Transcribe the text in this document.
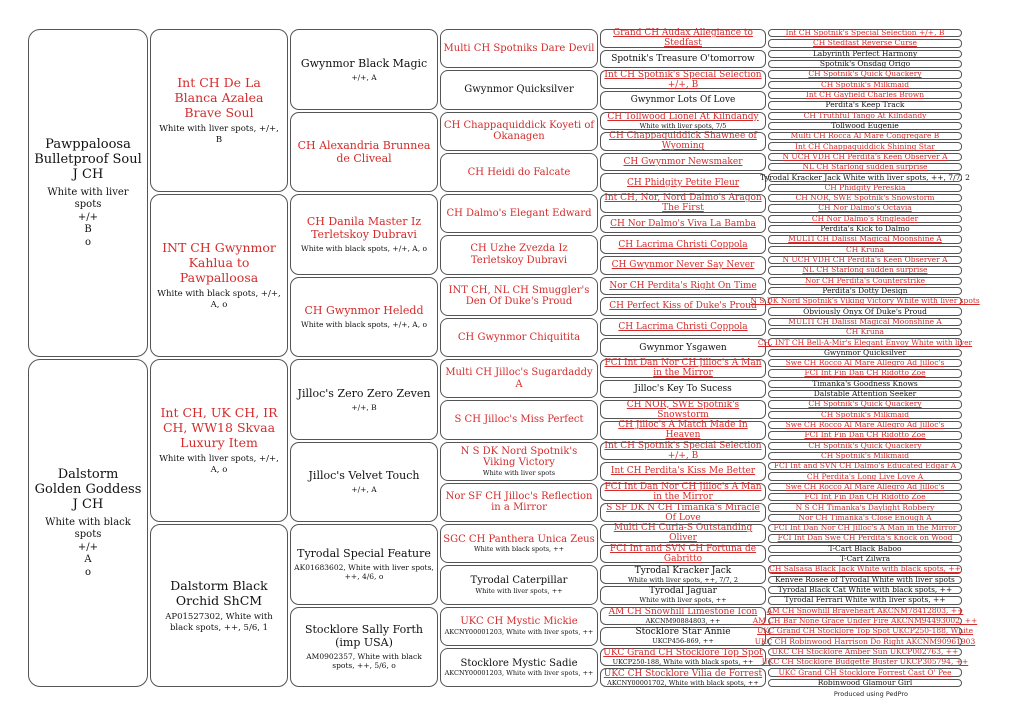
Pawppaloosa Bulletproof Soul J CH
White with liver spots
+/+
B
o
Dalstorm Golden Goddess J CH
White with black spots
+/+
A
o
Int CH De La Blanca Azalea Brave Soul
White with liver spots, +/+, B
INT CH Gwynmor Kahlua to Pawpalloosa
White with black spots, +/+, A, o
Int CH, UK CH, IR CH, WW18 Skvaa Luxury Item
White with liver spots, +/+, A, o
Dalstorm Black Orchid ShCM
AP01527302, White with black spots, ++, 5/6, 1
Gwynmor Black Magic
+/+, A
CH Alexandria Brunnea de Cliveal
CH Danila Master Iz Terletskoy Dubravi
White with black spots, +/+, A, o
CH Gwynmor Heledd
White with black spots, +/+, A, o
Jilloc's Zero Zero Zeven
+/+, B
Jilloc's Velvet Touch
+/+, A
Tyrodal Special Feature
AK01683602, White with liver spots, ++, 4/6, o
Stocklore Sally Forth (imp USA)
AM0902357, White with black spots, ++, 5/6, o
Multi CH Spotniks Dare Devil
Gwynmor Quicksilver
CH Chappaquiddick Koyeti of Okanagen
CH Heidi do Falcate
CH Dalmo's Elegant Edward
CH Uzhe Zvezda Iz Terletskoy Dubravi
INT CH, NL CH Smuggler's Den Of Duke's Proud
CH Gwynmor Chiquitita
Multi CH Jilloc's Sugardaddy A
S CH Jilloc's Miss Perfect
N S DK Nord Spotnik's Viking Victory
White with liver spots
Nor SF CH Jilloc's Reflection in a Mirror
SGC CH Panthera Unica Zeus
White with black spots, ++
Tyrodal Caterpillar
White with liver spots, ++
UKC CH Mystic Mickie
AKCNY00001203, White with liver spots, ++
Stocklore Mystic Sadie
AKCNY00001203, White with liver spots, ++
Grand CH Audax Allegiance to Stedfast
Spotnik's Treasure O'tomorrow
Int CH Spotnik's Special Selection +/+, B
Gwynmor Lots Of Love
CH Tollwood Lionel At Kilndandy
White with liver spots, 7/5
CH Chappaquiddick Shawnee of Wyoming
CH Gwynmor Newsmaker
CH Phidgity Petite Fleur
Int CH, Nor, Nord Dalmo's Aragon The First
CH Nor Dalmo's Viva La Bamba
CH Lacrima Christi Coppola
CH Gwynmor Never Say Never
Nor CH Perdita's Right On Time
CH Perfect Kiss of Duke's Proud
CH Lacrima Christi Coppola
Gwynmor Ysgawen
FCI Int Dan Nor CH Jilloc's A Man in the Mirror
Jilloc's Key To Sucess
CH NOR, SWE Spotnik's Snowstorm
CH Jilloc's A Match Made In Heaven
Int CH Spotnik's Special Selection +/+, B
Int CH Perdita's Kiss Me Better
FCI Int Dan Nor CH Jilloc's A Man in the Mirror
S SF DK N CH Timanka's Miracle Of Love
Multi CH Curia-S Outstanding Oliver
FCI Int and SVN CH Fortuna de Gabritto
Tyrodal Kracker Jack
White with liver spots, ++, 7/7, 2
Tyrodal Jaguar
White with liver spots, ++
AM CH Snowhill Limestone Icon
AKCNM90884803, ++
Stocklore Star Annie
UKCP456-869, ++
UKC Grand CH Stocklore Top Spot
UKCP250-188, White with black spots, ++
UKC CH Stocklore Vilia de Forrest
AKCNY00001702, White with black spots, ++
Int CH Spotnik's Special Selection +/+, B
CH Stedfast Reverse Curse
Labyrinth Perfect Harmony
Spotnik's Onsdag Origo
CH Spotnik's Quick Quackery
CH Spotnik's Milkmaid
Int CH Gayfield Charles Brown
Perdita's Keep Track
CH Truthful Tango At Kilndandy
Tollwood Eugenie
Multi CH Rocca Al Mare Congregare B
Int CH Chappaquiddick Shining Star
N UCH VDH CH Perdita's Keen Observer A
NL CH Starlong sudden surprise
Tyrodal Kracker Jack White with liver spots, ++, 7/7, 2
CH Phidgity Pereskia
CH NOR, SWE Spotnik's Snowstorm
CH Nor Dalmo's Octavia
CH Nor Dalmo's Ringleader
Perdita's Kick to Dalmo
MULTI CH Dalissi Magical Moonshine A
CH Kruna
N UCH VDH CH Perdita's Keen Observer A
NL CH Starlong sudden surprise
Nor CH Perdita's Counterstrike
Perdita's Dotty Design
N S DK Nord Spotnik's Viking Victory White with liver spots
Obviously Onyx Of Duke's Proud
MULTI CH Dalissi Magical Moonshine A
CH Kruna
CH, INT CH Bell-A-Mir's Elegant Envoy White with liver
Gwynmor Quicksilver
Swe CH Rocco Al Mare Allegro Ad Jilloc's
FCI Int Fin Dan CH Ridotto Zoe
Timanka's Goodness Knows
Dalstable Attention Seeker
CH Spotnik's Quick Quackery
CH Spotnik's Milkmaid
Swe CH Rocco Al Mare Allegro Ad Jilloc's
FCI Int Fin Dan CH Ridotto Zoe
CH Spotnik's Quick Quackery
CH Spotnik's Milkmaid
FCI Int and SVN CH Dalmo's Educated Edgar A
CH Perdita's Long Live Love A
Swe CH Rocco Al Mare Allegro Ad Jilloc's
FCI Int Fin Dan CH Ridotto Zoe
N S CH Timanka's Daylight Robbery
Nor CH Timanka's Close Enough A
FCI Int Dan Nor CH Jilloc's A Man in the Mirror
FCI Int Dan Swe CH Perdita's Knock on Wood
T-Cart Black Baboo
T-Cart Zilwra
CH Salsasa Black Jack White with black spots, ++
Kenvee Rosee of Tyrodal White with liver spots
Tyrodal Black Cat White with black spots, ++
Tyrodal Ferrari White with liver spots, ++
AM CH Snowhill Braveheart AKCNM78412803, ++
AM CH Bar None Grace Under Fire AKCNM94493002, ++
UKC Grand CH Stocklore Top Spot UKCP250-188, White
UKC CH Robinwood Harrison Do Right AKCNM90961903
UKC CH Stocklore Amber Sun UKCP002763, ++
UKC CH Stocklore Budgette Buster UKCP305794, ++
UKC Grand CH Stocklore Forrest Cast O' Pee
Robinwood Glamour Girl
Produced using PedPro
